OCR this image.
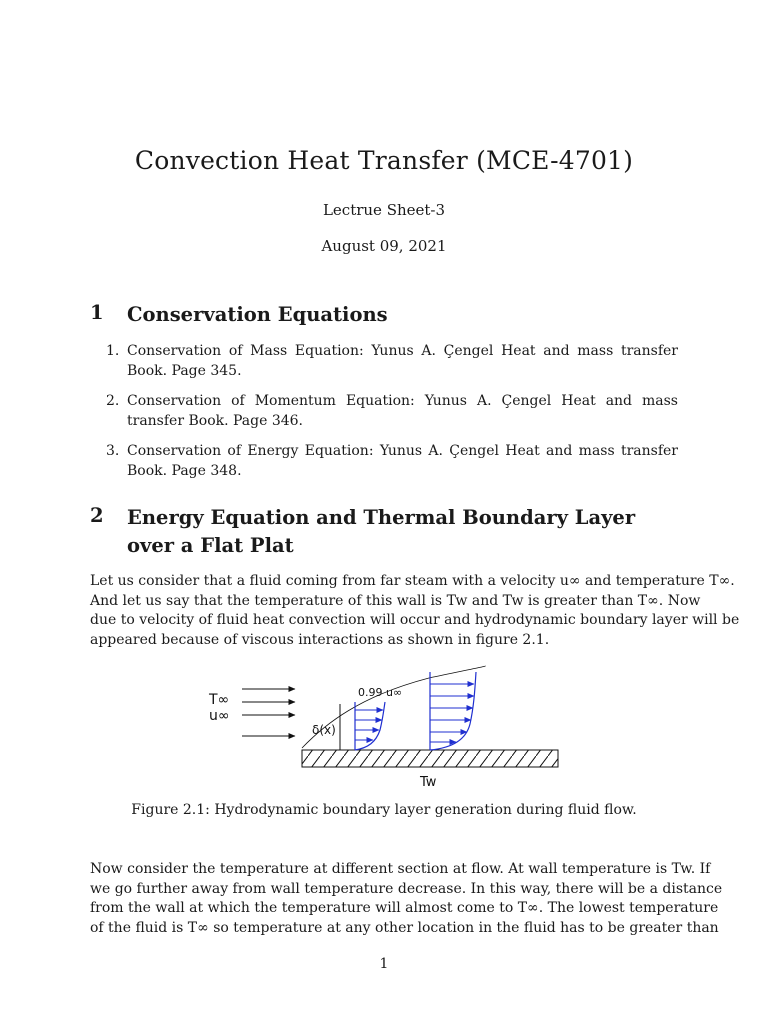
Convection Heat Transfer (MCE-4701)
Lectrue Sheet-3
August 09, 2021
1 Conservation Equations
1. Conservation of Mass Equation: Yunus A. Çengel Heat and mass transfer Book. Page 345.
2. Conservation of Momentum Equation: Yunus A. Çengel Heat and mass transfer Book. Page 346.
3. Conservation of Energy Equation: Yunus A. Çengel Heat and mass transfer Book. Page 348.
2 Energy Equation and Thermal Boundary Layer over a Flat Plat
Let us consider that a fluid coming from far steam with a velocity u∞ and temperature T∞.
And let us say that the temperature of this wall is Tw and Tw is greater than T∞. Now
due to velocity of fluid heat convection will occur and hydrodynamic boundary layer will be
appeared because of viscous interactions as shown in figure 2.1.
T∞
u∞
δ(x)
0.99 u∞
Tw
Figure 2.1: Hydrodynamic boundary layer generation during fluid flow.
Now consider the temperature at different section at flow. At wall temperature is Tw. If
we go further away from wall temperature decrease. In this way, there will be a distance
from the wall at which the temperature will almost come to T∞. The lowest temperature
of the fluid is T∞ so temperature at any other location in the fluid has to be greater than
1
